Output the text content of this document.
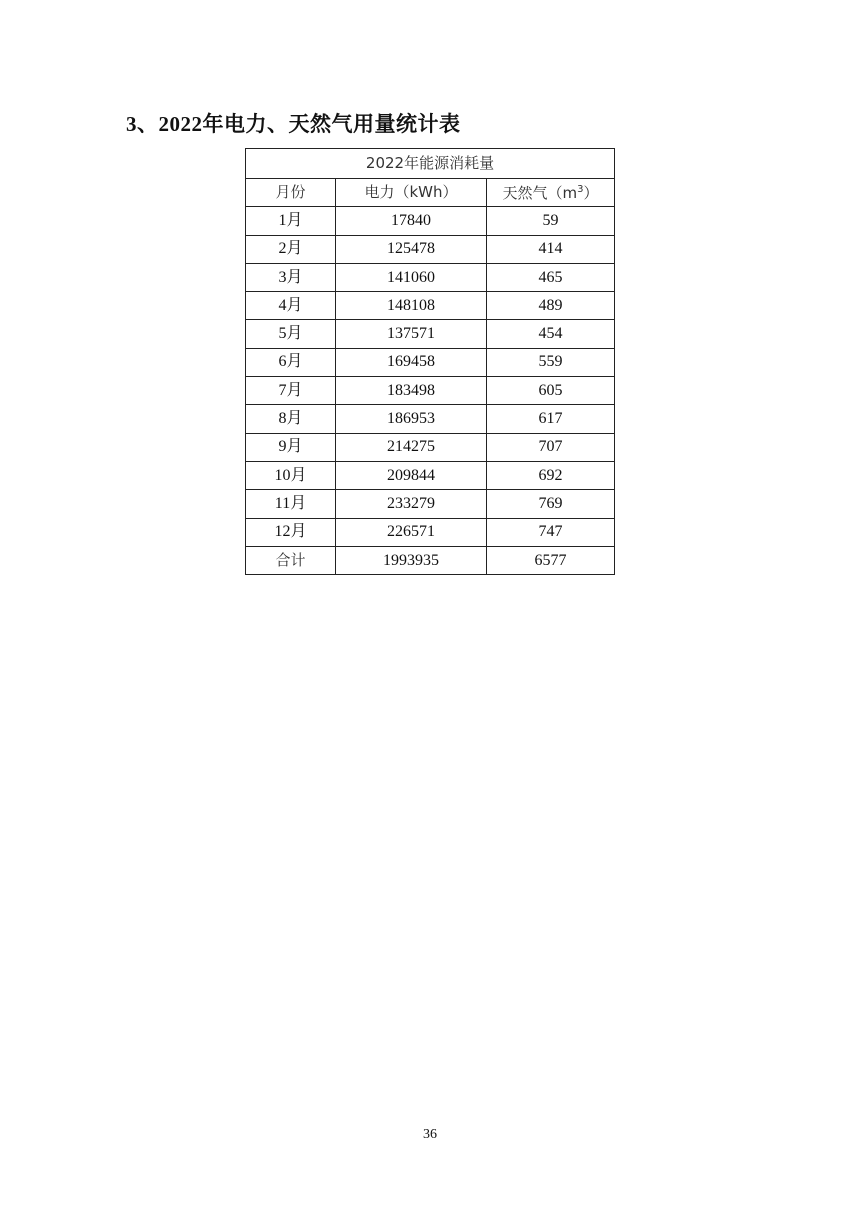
3、2022年电力、天然气用量统计表
2022年能源消耗量		
月份	电力（kWh）	天然气$(m^3)$
1月	17840	59
2月	125478	414
3月	141060	465
4月	148108	489
5月	137571	454
6月	169458	559
7月	183498	605
8月	186953	617
9月	214275	707
10月	209844	692
11月	233279	769
12月	226571	747
合计	1993935	6577
36
